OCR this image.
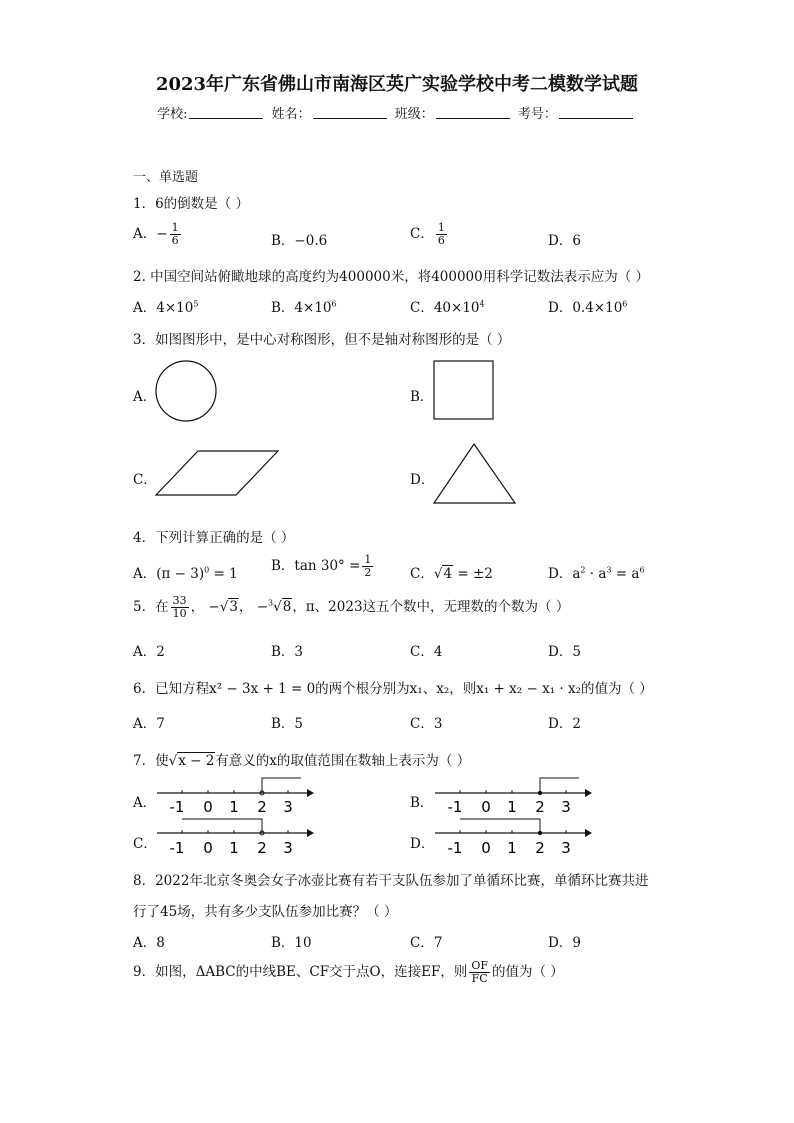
2023年广东省佛山市南海区英广实验学校中考二模数学试题
学校:	姓名：	班级：	考号：
一、单选题
1．6的倒数是（ ）
A．− $\frac{1}{6}$	B．−0.6	C． $\frac{1}{6}$	D．6
2. 中国空间站俯瞰地球的高度约为400000米，将400000用科学记数法表示应为（ ）
A．$4\times 10^5$	B．$4\times 10^6$	C．$40\times 10^4$	D．$0.4\times 10^6$
3．如图图形中，是中心对称图形，但不是轴对称图形的是（ ）
A．	B．
C．	D．
4．下列计算正确的是（ ）
A．$(\pi - 3)^0 = 1$ B．$\tan 30^\circ = \frac{1}{2}$	C．√4 = ±2	D．$a^2 \cdot a^3 = a^6$
5．在 $\frac{33}{10}$ ， −√3， −$^3$√8，π、2023这五个数中，无理数的个数为（ ）
A．2	B．3	C．4	D．5
6．已知方程x² − 3x + 1 = 0的两个根分别为x₁、x₂，则x₁ + x₂ − x₁ · x₂的值为（ ）
A．7	B．5	C．3	D．2
7．使√x − 2有意义的x的取值范围在数轴上表示为（ ）
A． -1 0 1 2 3	B． -1 0 1 2 3
C． -1 0 1 2 3	D． -1 0 1 2 3
8．2022年北京冬奥会女子冰壶比赛有若干支队伍参加了单循环比赛，单循环比赛共进
行了45场，共有多少支队伍参加比赛？（ ）
A．8	B．10	C．7	D．9
9．如图，ΔABC的中线BE、CF交于点O，连接EF，则 $\frac{OF}{FC}$ 的值为（ ）
